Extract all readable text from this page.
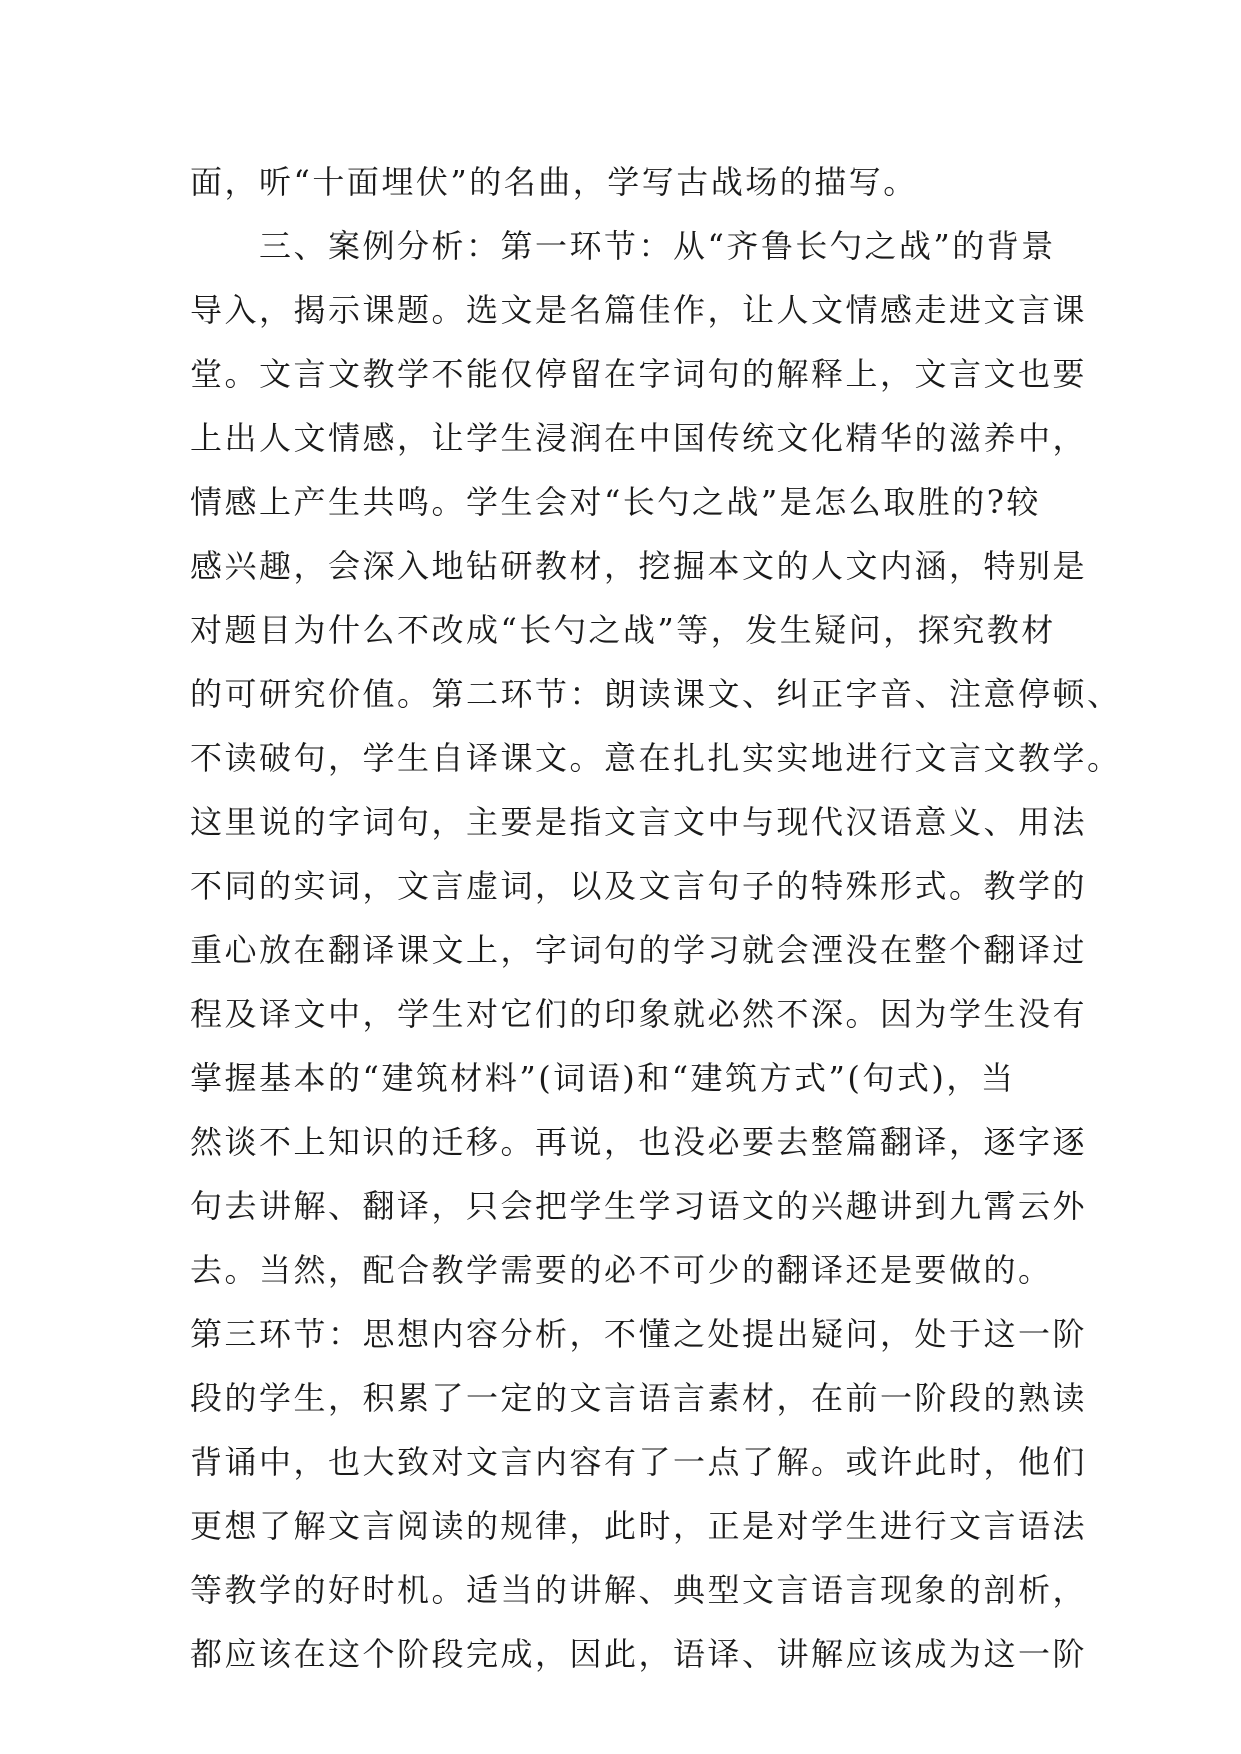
面，听“十面埋伏”的名曲，学写古战场的描写。

　　三、案例分析：第一环节：从“齐鲁长勺之战”的背景

导入，揭示课题。选文是名篇佳作，让人文情感走进文言课

堂。文言文教学不能仅停留在字词句的解释上，文言文也要

上出人文情感，让学生浸润在中国传统文化精华的滋养中，

情感上产生共鸣。学生会对“长勺之战”是怎么取胜的?较

感兴趣，会深入地钻研教材，挖掘本文的人文内涵，特别是

对题目为什么不改成“长勺之战”等，发生疑问，探究教材

的可研究价值。第二环节：朗读课文、纠正字音、注意停顿、

不读破句，学生自译课文。意在扎扎实实地进行文言文教学。

这里说的字词句，主要是指文言文中与现代汉语意义、用法

不同的实词，文言虚词，以及文言句子的特殊形式。教学的

重心放在翻译课文上，字词句的学习就会湮没在整个翻译过

程及译文中，学生对它们的印象就必然不深。因为学生没有

掌握基本的“建筑材料”(词语)和“建筑方式”(句式)，当

然谈不上知识的迁移。再说，也没必要去整篇翻译，逐字逐

句去讲解、翻译，只会把学生学习语文的兴趣讲到九霄云外

去。当然，配合教学需要的必不可少的翻译还是要做的。

第三环节：思想内容分析，不懂之处提出疑问，处于这一阶

段的学生，积累了一定的文言语言素材，在前一阶段的熟读

背诵中，也大致对文言内容有了一点了解。或许此时，他们

更想了解文言阅读的规律，此时，正是对学生进行文言语法

等教学的好时机。适当的讲解、典型文言语言现象的剖析，

都应该在这个阶段完成，因此，语译、讲解应该成为这一阶
